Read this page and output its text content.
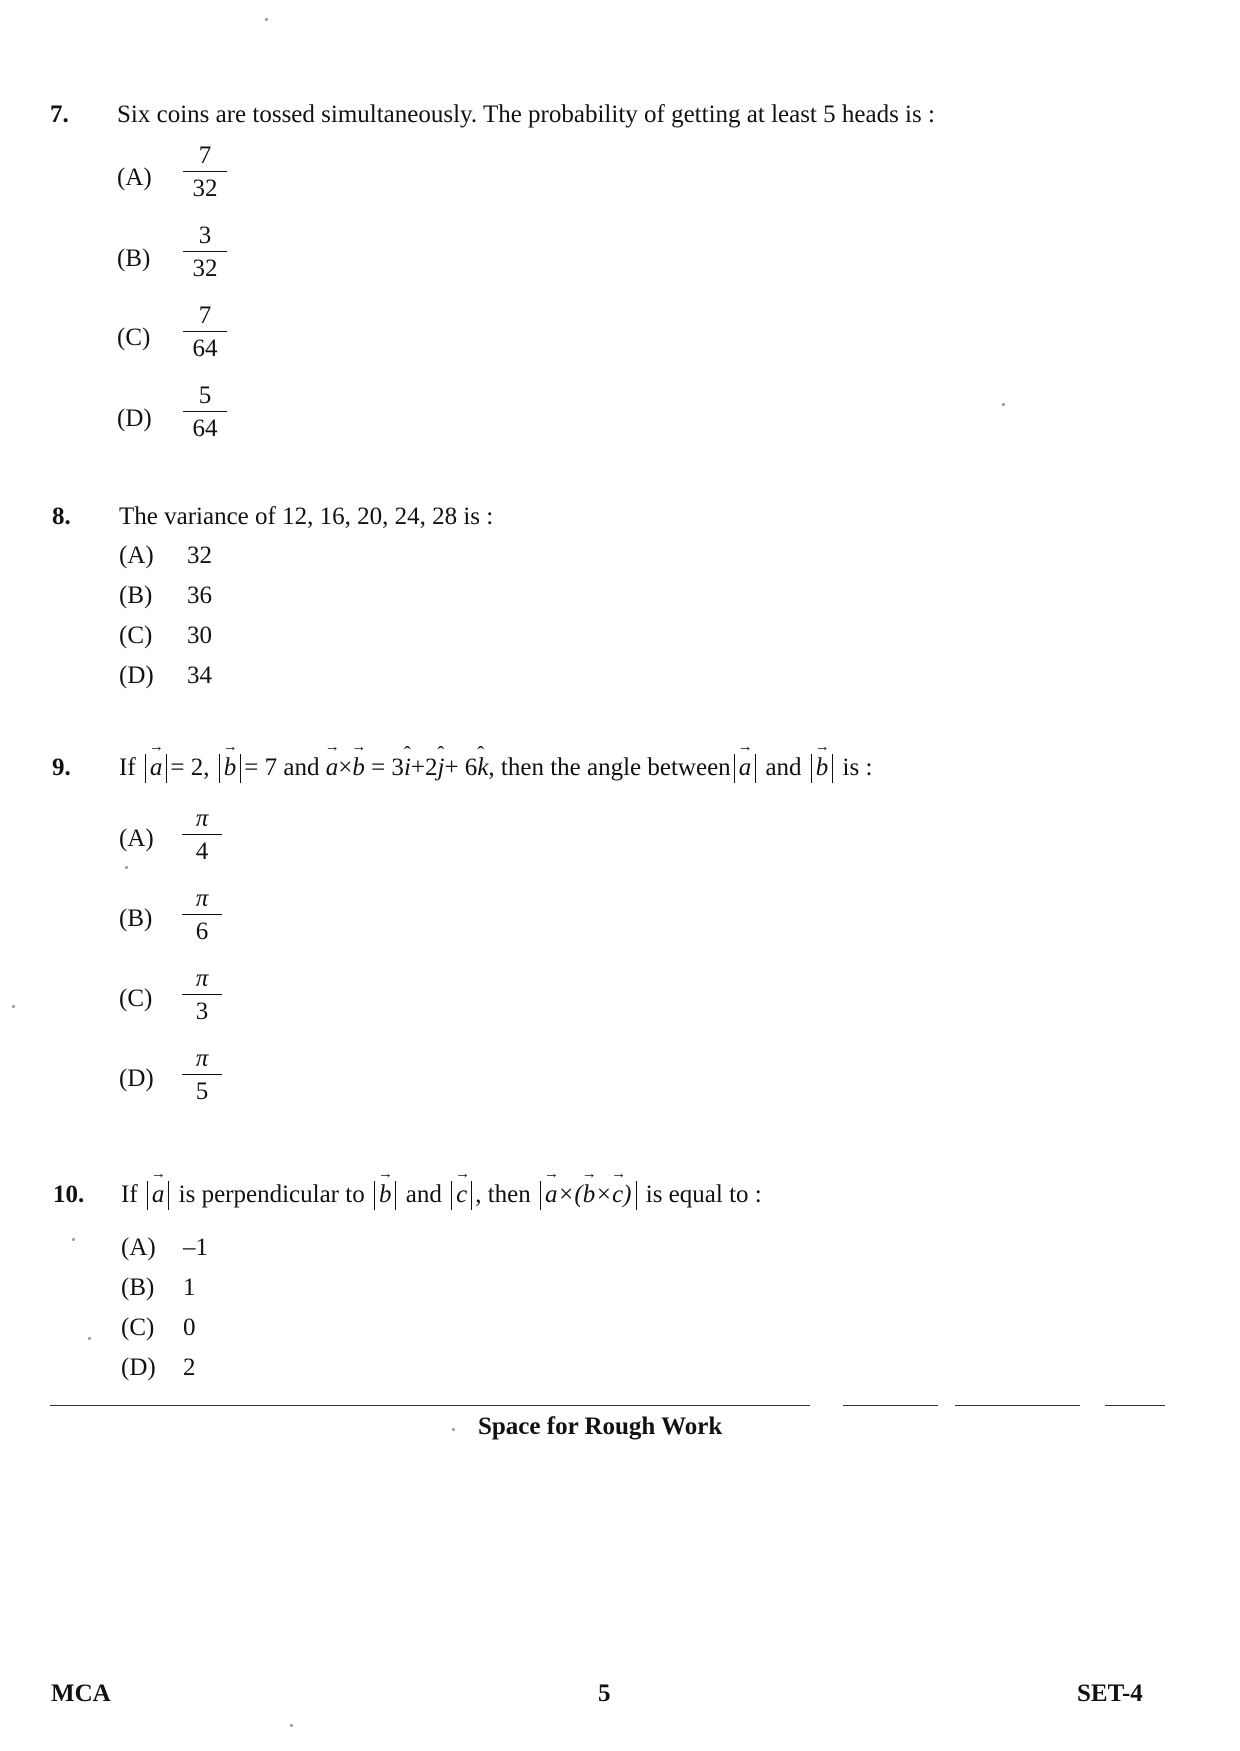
7. Six coins are tossed simultaneously. The probability of getting at least 5 heads is :
(A)	$\frac{7}{32}$
(B)	$\frac{3}{32}$
(C)	$\frac{7}{64}$
(D)	$\frac{5}{64}$
8. The variance of 12, 16, 20, 24, 28 is :
(A) 32
(B) 36
(C) 30
(D) 34
9. If → a = 2, → b = 7 and → a×→ b = 3ˆ i+2ˆ j+ 6ˆ k, then the angle between → a and → b is :
(A)	$\frac{\pi}{4}$
(B)	$\frac{\pi}{6}$
(C)	$\frac{\pi}{3}$
(D)	$\frac{\pi}{5}$
10. If → a is perpendicular to → b and → c , then → a×(→ b×→ c) is equal to :
(A) –1
(B) 1
(C) 0
(D) 2
Space for Rough Work
MCA	5	SET-4
